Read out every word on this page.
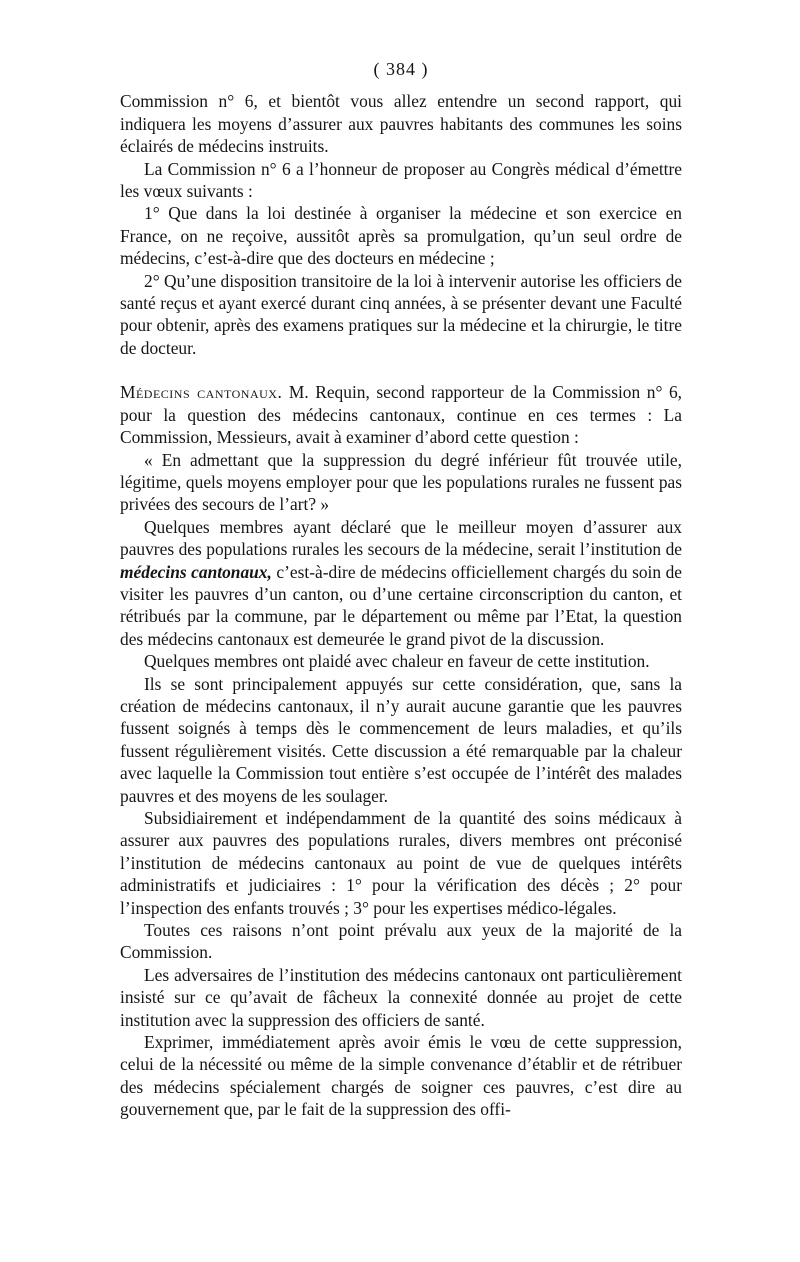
( 384 )

Commission n° 6, et bientôt vous allez entendre un second rapport, qui indiquera les moyens d’assurer aux pauvres habitants des communes les soins éclairés de médecins instruits.

La Commission n° 6 a l’honneur de proposer au Congrès médical d’émettre les vœux suivants :

1° Que dans la loi destinée à organiser la médecine et son exercice en France, on ne reçoive, aussitôt après sa promulgation, qu’un seul ordre de médecins, c’est-à-dire que des docteurs en médecine ;
2° Qu’une disposition transitoire de la loi à intervenir autorise les officiers de santé reçus et ayant exercé durant cinq années, à se présenter devant une Faculté pour obtenir, après des examens pratiques sur la médecine et la chirurgie, le titre de docteur.

Médecins cantonaux. M. Requin, second rapporteur de la Commission n° 6, pour la question des médecins cantonaux, continue en ces termes : La Commission, Messieurs, avait à examiner d’abord cette question :

« En admettant que la suppression du degré inférieur fût trouvée utile, légitime, quels moyens employer pour que les populations rurales ne fussent pas privées des secours de l’art? »

Quelques membres ayant déclaré que le meilleur moyen d’assurer aux pauvres des populations rurales les secours de la médecine, serait l’institution de médecins cantonaux, c’est-à-dire de médecins officiellement chargés du soin de visiter les pauvres d’un canton, ou d’une certaine circonscription du canton, et rétribués par la commune, par le département ou même par l’Etat, la question des médecins cantonaux est demeurée le grand pivot de la discussion.

Quelques membres ont plaidé avec chaleur en faveur de cette institution.

Ils se sont principalement appuyés sur cette considération, que, sans la création de médecins cantonaux, il n’y aurait aucune garantie que les pauvres fussent soignés à temps dès le commencement de leurs maladies, et qu’ils fussent régulièrement visités. Cette discussion a été remarquable par la chaleur avec laquelle la Commission tout entière s’est occupée de l’intérêt des malades pauvres et des moyens de les soulager.

Subsidiairement et indépendamment de la quantité des soins médicaux à assurer aux pauvres des populations rurales, divers membres ont préconisé l’institution de médecins cantonaux au point de vue de quelques intérêts administratifs et judiciaires : 1° pour la vérification des décès ; 2° pour l’inspection des enfants trouvés ; 3° pour les expertises médico-légales.

Toutes ces raisons n’ont point prévalu aux yeux de la majorité de la Commission.

Les adversaires de l’institution des médecins cantonaux ont particulièrement insisté sur ce qu’avait de fâcheux la connexité donnée au projet de cette institution avec la suppression des officiers de santé.

Exprimer, immédiatement après avoir émis le vœu de cette suppression, celui de la nécessité ou même de la simple convenance d’établir et de rétribuer des médecins spécialement chargés de soigner ces pauvres, c’est dire au gouvernement que, par le fait de la suppression des offi-
